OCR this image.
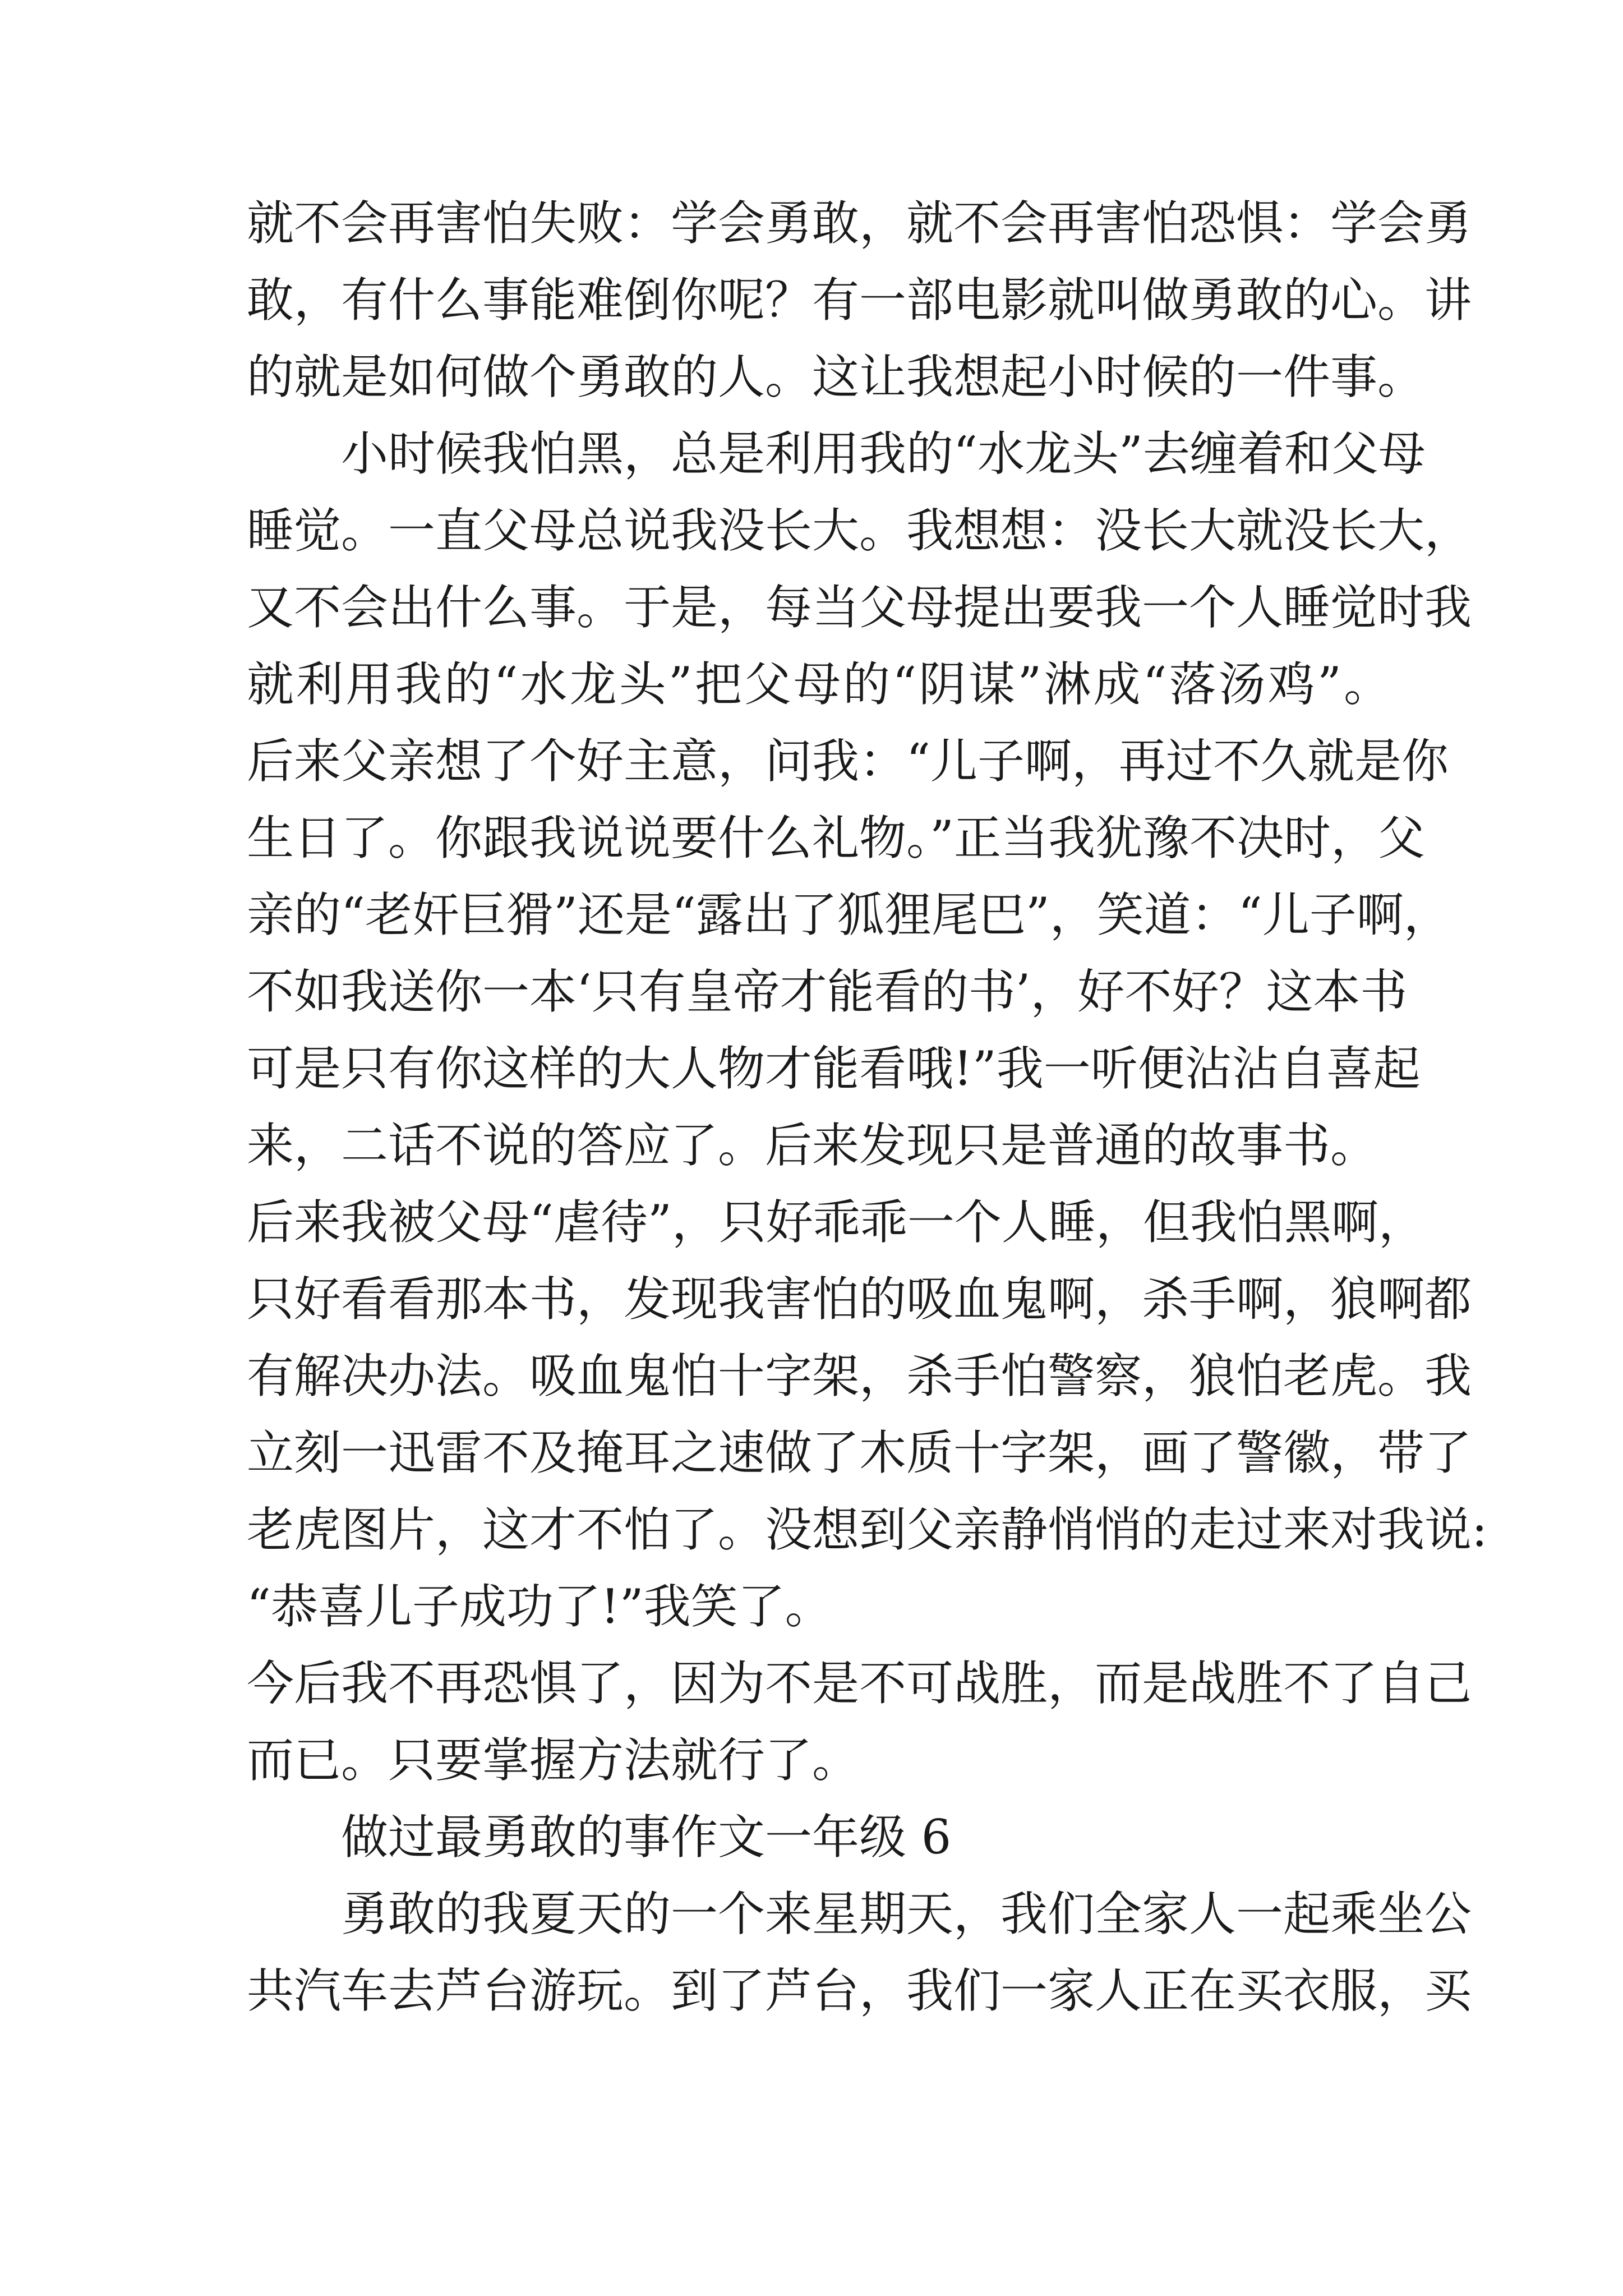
就不会再害怕失败：学会勇敢，就不会再害怕恐惧：学会勇
敢，有什么事能难倒你呢？有一部电影就叫做勇敢的心。讲
的就是如何做个勇敢的人。这让我想起小时候的一件事。
小时候我怕黑，总是利用我的“水龙头”去缠着和父母
睡觉。一直父母总说我没长大。我想想：没长大就没长大，
又不会出什么事。于是，每当父母提出要我一个人睡觉时我
就利用我的“水龙头”把父母的“阴谋”淋成“落汤鸡”。
后来父亲想了个好主意，问我：“儿子啊，再过不久就是你
生日了。你跟我说说要什么礼物。”正当我犹豫不决时，父
亲的“老奸巨猾”还是“露出了狐狸尾巴”，笑道：“儿子啊，
不如我送你一本‘只有皇帝才能看的书’，好不好？这本书
可是只有你这样的大人物才能看哦!”我一听便沾沾自喜起
来，二话不说的答应了。后来发现只是普通的故事书。
后来我被父母“虐待”，只好乖乖一个人睡，但我怕黑啊，
只好看看那本书，发现我害怕的吸血鬼啊，杀手啊，狼啊都
有解决办法。吸血鬼怕十字架，杀手怕警察，狼怕老虎。我
立刻一迅雷不及掩耳之速做了木质十字架，画了警徽，带了
老虎图片，这才不怕了。没想到父亲静悄悄的走过来对我说:
“恭喜儿子成功了!”我笑了。
今后我不再恐惧了，因为不是不可战胜，而是战胜不了自己
而已。只要掌握方法就行了。
做过最勇敢的事作文一年级 6
勇敢的我夏天的一个来星期天，我们全家人一起乘坐公
共汽车去芦台游玩。到了芦台，我们一家人正在买衣服，买
